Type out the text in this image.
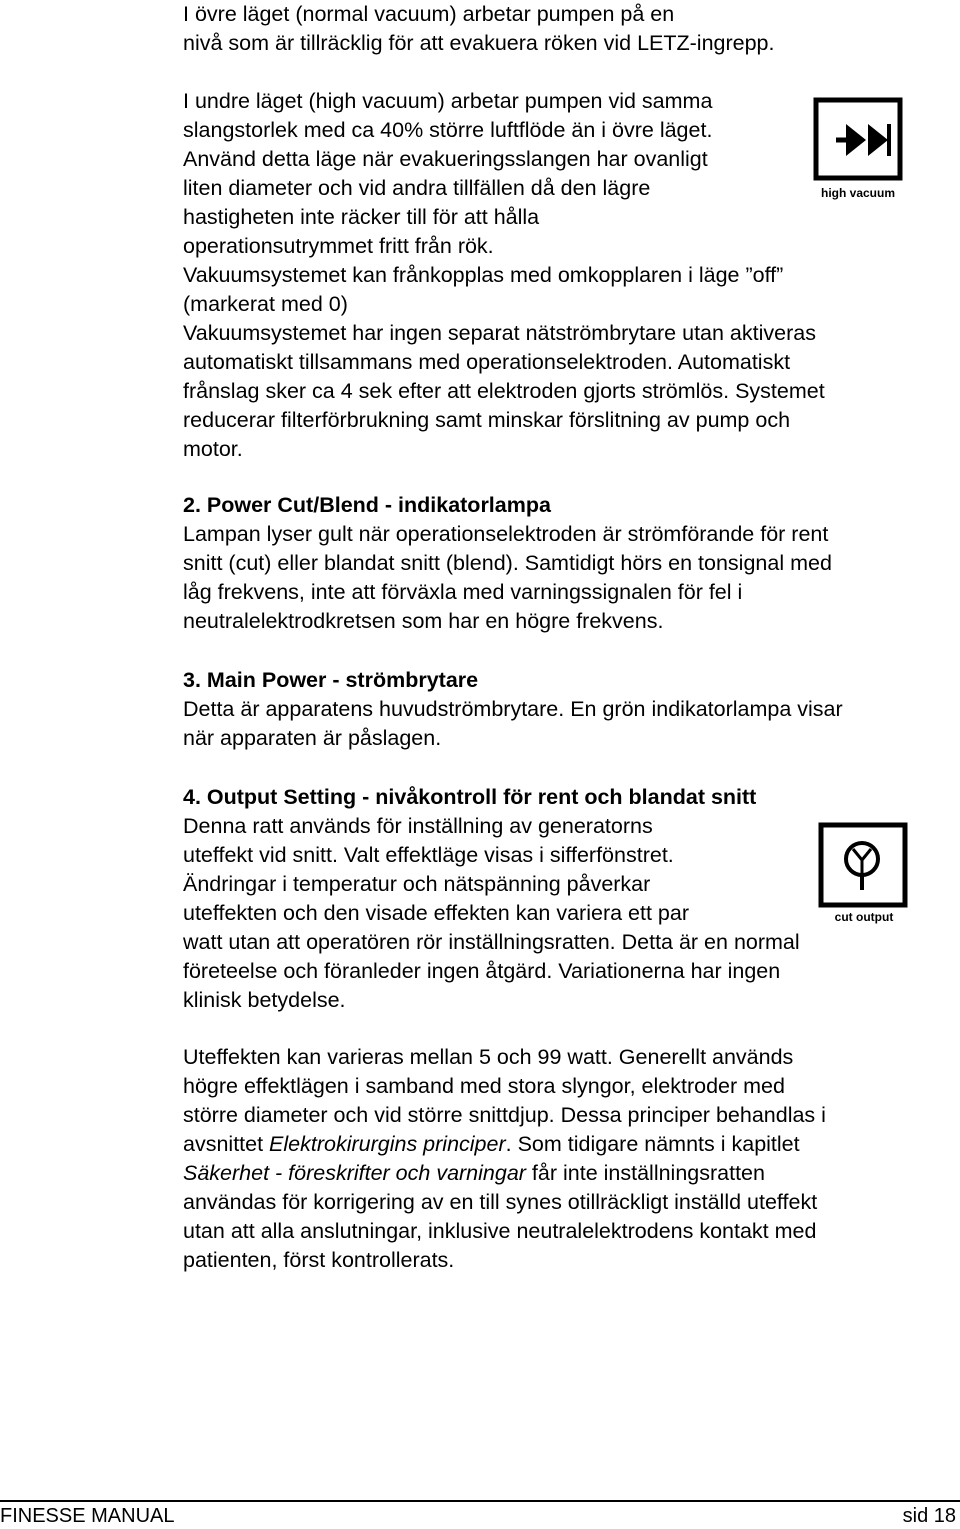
I övre läget (normal vacuum) arbetar pumpen på en
nivå som är tillräcklig för att evakuera röken vid LETZ-ingrepp.

I undre läget (high vacuum) arbetar pumpen vid samma
slangstorlek med ca 40% större luftflöde än i övre läget.
Använd detta läge när evakueringsslangen har ovanligt
liten diameter och vid andra tillfällen då den lägre
hastigheten inte räcker till för att hålla
operationsutrymmet fritt från rök.
Vakuumsystemet kan frånkopplas med omkopplaren i läge ”off”
(markerat med 0)
Vakuumsystemet har ingen separat nätströmbrytare utan aktiveras
automatiskt tillsammans med operationselektroden. Automatiskt
frånslag sker ca 4 sek efter att elektroden gjorts strömlös. Systemet
reducerar filterförbrukning samt minskar förslitning av pump och
motor.
high vacuum
2. Power Cut/Blend - indikatorlampa
Lampan lyser gult när operationselektroden är strömförande för rent
snitt (cut) eller blandat snitt (blend). Samtidigt hörs en tonsignal med
låg frekvens, inte att förväxla med varningssignalen för fel i
neutralelektrodkretsen som har en högre frekvens.
3. Main Power - strömbrytare
Detta är apparatens huvudströmbrytare. En grön indikatorlampa visar
när apparaten är påslagen.
4. Output Setting - nivåkontroll för rent och blandat snitt
Denna ratt används för inställning av generatorns
uteffekt vid snitt. Valt effektläge visas i sifferfönstret.
Ändringar i temperatur och nätspänning påverkar
uteffekten och den visade effekten kan variera ett par
watt utan att operatören rör inställningsratten. Detta är en normal
företeelse och föranleder ingen åtgärd. Variationerna har ingen
klinisk betydelse.
cut output
Uteffekten kan varieras mellan 5 och 99 watt. Generellt används
högre effektlägen i samband med stora slyngor, elektroder med
större diameter och vid större snittdjup. Dessa principer behandlas i
avsnittet Elektrokirurgins principer. Som tidigare nämnts i kapitlet
Säkerhet - föreskrifter och varningar får inte inställningsratten
användas för korrigering av en till synes otillräckligt inställd uteffekt
utan att alla anslutningar, inklusive neutralelektrodens kontakt med
patienten, först kontrollerats.
FINESSE MANUAL	sid 18
